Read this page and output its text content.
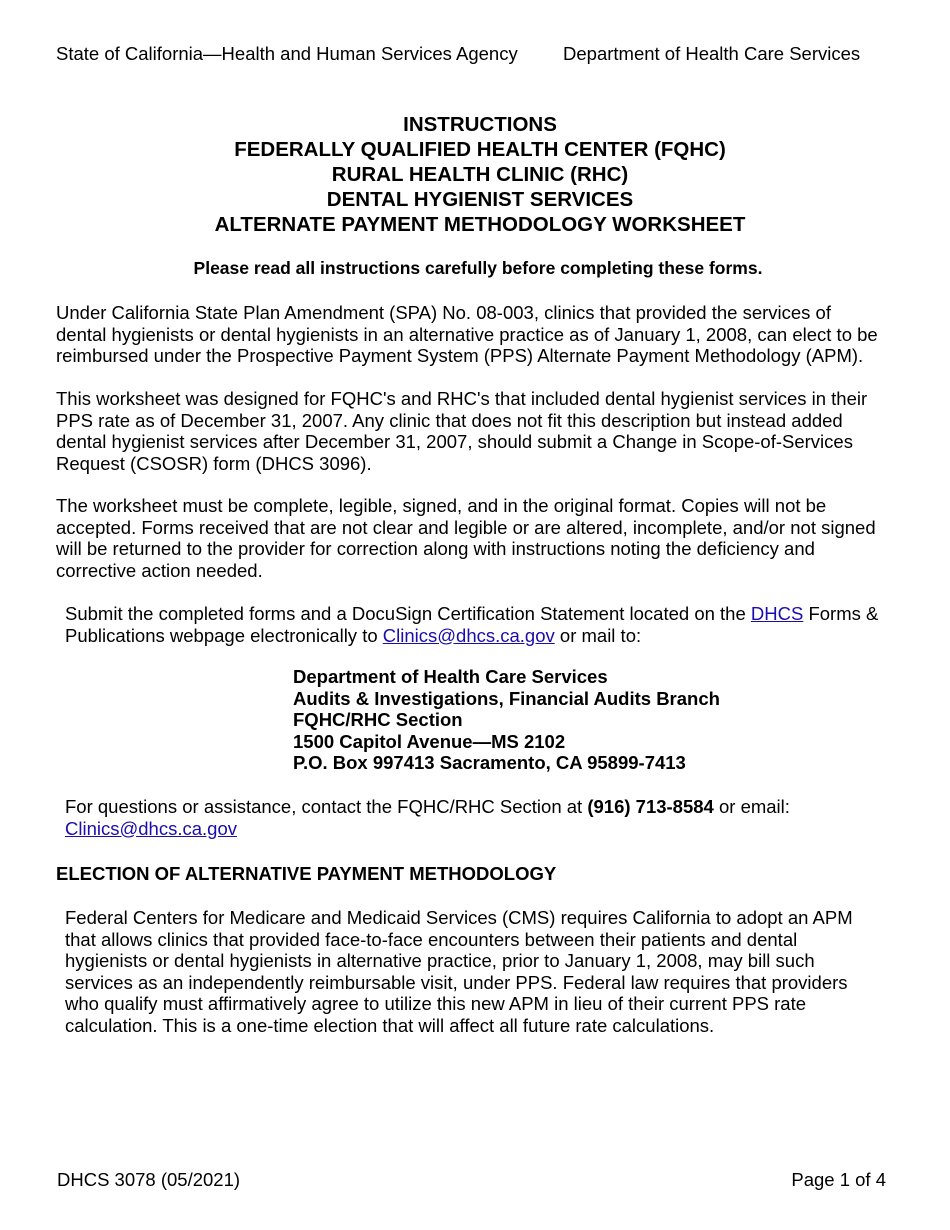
State of California—Health and Human Services Agency Department of Health Care Services
INSTRUCTIONS
FEDERALLY QUALIFIED HEALTH CENTER (FQHC)
RURAL HEALTH CLINIC (RHC)
DENTAL HYGIENIST SERVICES
ALTERNATE PAYMENT METHODOLOGY WORKSHEET
Please read all instructions carefully before completing these forms.
Under California State Plan Amendment (SPA) No. 08-003, clinics that provided the services of
dental hygienists or dental hygienists in an alternative practice as of January 1, 2008, can elect to be
reimbursed under the Prospective Payment System (PPS) Alternate Payment Methodology (APM).
This worksheet was designed for FQHC's and RHC's that included dental hygienist services in their
PPS rate as of December 31, 2007. Any clinic that does not fit this description but instead added
dental hygienist services after December 31, 2007, should submit a Change in Scope-of-Services
Request (CSOSR) form (DHCS 3096).
The worksheet must be complete, legible, signed, and in the original format. Copies will not be
accepted. Forms received that are not clear and legible or are altered, incomplete, and/or not signed
will be returned to the provider for correction along with instructions noting the deficiency and
corrective action needed.
Submit the completed forms and a DocuSign Certification Statement located on the DHCS Forms &
Publications webpage electronically to Clinics@dhcs.ca.gov or mail to:
Department of Health Care Services
Audits & Investigations, Financial Audits Branch
FQHC/RHC Section
1500 Capitol Avenue—MS 2102
P.O. Box 997413 Sacramento, CA 95899-7413
For questions or assistance, contact the FQHC/RHC Section at (916) 713-8584 or email:
Clinics@dhcs.ca.gov
ELECTION OF ALTERNATIVE PAYMENT METHODOLOGY
Federal Centers for Medicare and Medicaid Services (CMS) requires California to adopt an APM
that allows clinics that provided face-to-face encounters between their patients and dental
hygienists or dental hygienists in alternative practice, prior to January 1, 2008, may bill such
services as an independently reimbursable visit, under PPS. Federal law requires that providers
who qualify must affirmatively agree to utilize this new APM in lieu of their current PPS rate
calculation. This is a one-time election that will affect all future rate calculations.
DHCS 3078 (05/2021)	Page 1 of 4
